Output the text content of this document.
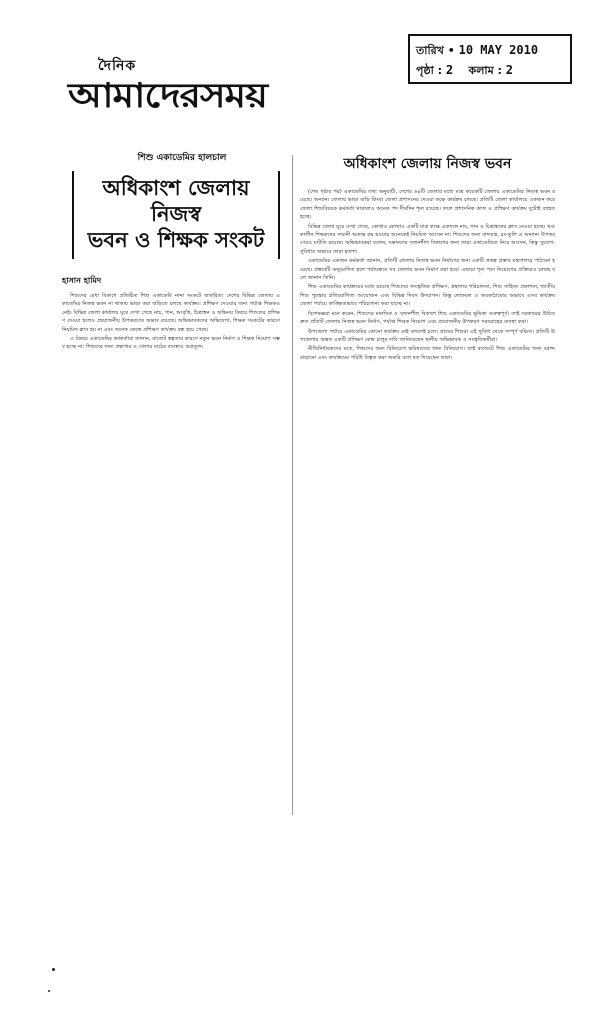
দৈনিক
আমাদেরসময়
তারিখ • 10 MAY 2010
পৃষ্ঠা : 2 কলাম : 2
শিশু একাডেমির হালচাল
অধিকাংশ জেলায় নিজস্ব
ভবন ও শিক্ষক সংকট
হাসান হামিদ

শিশুদের মেধা বিকাশে প্রতিষ্ঠিত শিশু একাডেমি নানা সংকটে জর্জরিত। দেশের বিভিন্ন জেলায় একাডেমির নিজস্ব ভবন না থাকায় ভাড়া করা বাড়িতে চলছে কার্যক্রম। প্রশিক্ষণ দেওয়ার জন্য পর্যাপ্ত শিক্ষকও নেই। বিভিন্ন জেলা কার্যালয় ঘুরে দেখা গেছে নাচ, গান, আবৃত্তি, চিত্রাঙ্কন ও অভিনয় বিষয়ে শিশুদের প্রশিক্ষণ দেওয়া হলেও প্রয়োজনীয় উপকরণের অভাব রয়েছে। অভিভাবকদের অভিযোগ, শিক্ষক সংকটের কারণে নিয়মিত ক্লাস হয় না এবং অনেক কেন্দ্রে প্রশিক্ষণ কার্যক্রম বন্ধ হয়ে গেছে।

এ বিষয়ে একাডেমির কর্মকর্তারা জানান, বাজেট স্বল্পতার কারণে নতুন ভবন নির্মাণ ও শিক্ষক নিয়োগ সম্ভব হচ্ছে না। শিশুদের জন্য গ্রন্থাগার ও খেলার মাঠের ব্যবস্থাও অপ্রতুল।

অধিকাংশ জেলায় নিজস্ব ভবন

(শেষ পৃষ্ঠার পর) একাডেমির তথ্য অনুযায়ী, দেশের ৬৪টি জেলার মধ্যে মাত্র কয়েকটি জেলায় একাডেমির নিজস্ব ভবন রয়েছে। অন্যান্য জেলায় ভাড়া বাড়ি কিংবা জেলা প্রশাসনের দেওয়া কক্ষে কার্যক্রম চলছে। প্রতিটি জেলা কার্যালয়ে একজন করে জেলা শিশুবিষয়ক কর্মকর্তা থাকলেও অনেক পদ দীর্ঘদিন শূন্য রয়েছে। ফলে প্রশাসনিক কাজ ও প্রশিক্ষণ কার্যক্রম দুটোই ব্যাহত হচ্ছে।

বিভিন্ন জেলা ঘুরে দেখা গেছে, কোথাও কোথাও একটি মাত্র কক্ষে একসঙ্গে নাচ, গান ও চিত্রাঙ্কনের ক্লাস নেওয়া হচ্ছে। খণ্ডকালীন শিক্ষকদের সম্মানী অত্যন্ত কম হওয়ায় অনেকেই নিয়মিত আসেন না। শিশুদের জন্য বাদ্যযন্ত্র, রং-তুলি ও অন্যান্য উপকরণেরও ঘাটতি রয়েছে। অভিভাবকরা বলেন, সন্তানদের সৃজনশীল বিকাশের জন্য তারা একাডেমিতে নিয়ে আসেন, কিন্তু সুযোগ-সুবিধার অভাবে তারা হতাশ।

একাডেমির একজন কর্মকর্তা জানান, প্রতিটি জেলায় নিজস্ব ভবন নির্মাণের জন্য একটি প্রকল্প প্রস্তাব মন্ত্রণালয়ে পাঠানো হয়েছে। প্রস্তাবটি অনুমোদিত হলে পর্যায়ক্রমে সব জেলায় ভবন নির্মাণ করা হবে। এছাড়া শূন্য পদে নিয়োগের প্রক্রিয়াও চলছে বলে জানান তিনি।

শিশু একাডেমির কার্যক্রমের মধ্যে রয়েছে শিশুদের সাংস্কৃতিক প্রশিক্ষণ, গ্রন্থাগার পরিচালনা, শিশু সাহিত্য প্রকাশনা, জাতীয় শিশু পুরস্কার প্রতিযোগিতা আয়োজন এবং বিভিন্ন দিবস উদযাপন। কিন্তু লোকবল ও অবকাঠামোর অভাবে এসব কার্যক্রম জেলা পর্যায়ে কাঙ্ক্ষিতভাবে পরিচালনা করা যাচ্ছে না।

বিশেষজ্ঞরা মনে করেন, শিশুদের মানসিক ও সৃজনশীল বিকাশে শিশু একাডেমির ভূমিকা গুরুত্বপূর্ণ। তাই সরকারের উচিত দ্রুত প্রতিটি জেলায় নিজস্ব ভবন নির্মাণ, পর্যাপ্ত শিক্ষক নিয়োগ এবং প্রয়োজনীয় উপকরণ সরবরাহের ব্যবস্থা করা।

উপজেলা পর্যায়ে একাডেমির কোনো কার্যক্রম নেই বললেই চলে। গ্রামের শিশুরা এই সুবিধা থেকে সম্পূর্ণ বঞ্চিত। প্রতিটি উপজেলায় অন্তত একটি প্রশিক্ষণ কেন্দ্র চালুর দাবি জানিয়েছেন স্থানীয় অভিভাবক ও সংস্কৃতিকর্মীরা।

নীতিনির্ধারকদের মতে, শিশুদের জন্য বিনিয়োগ ভবিষ্যতের জন্য বিনিয়োগ। তাই বাজেটে শিশু একাডেমির জন্য বরাদ্দ বাড়ানো এবং কার্যক্রমের পরিধি বিস্তৃত করা জরুরি বলে মত দিয়েছেন তারা।
